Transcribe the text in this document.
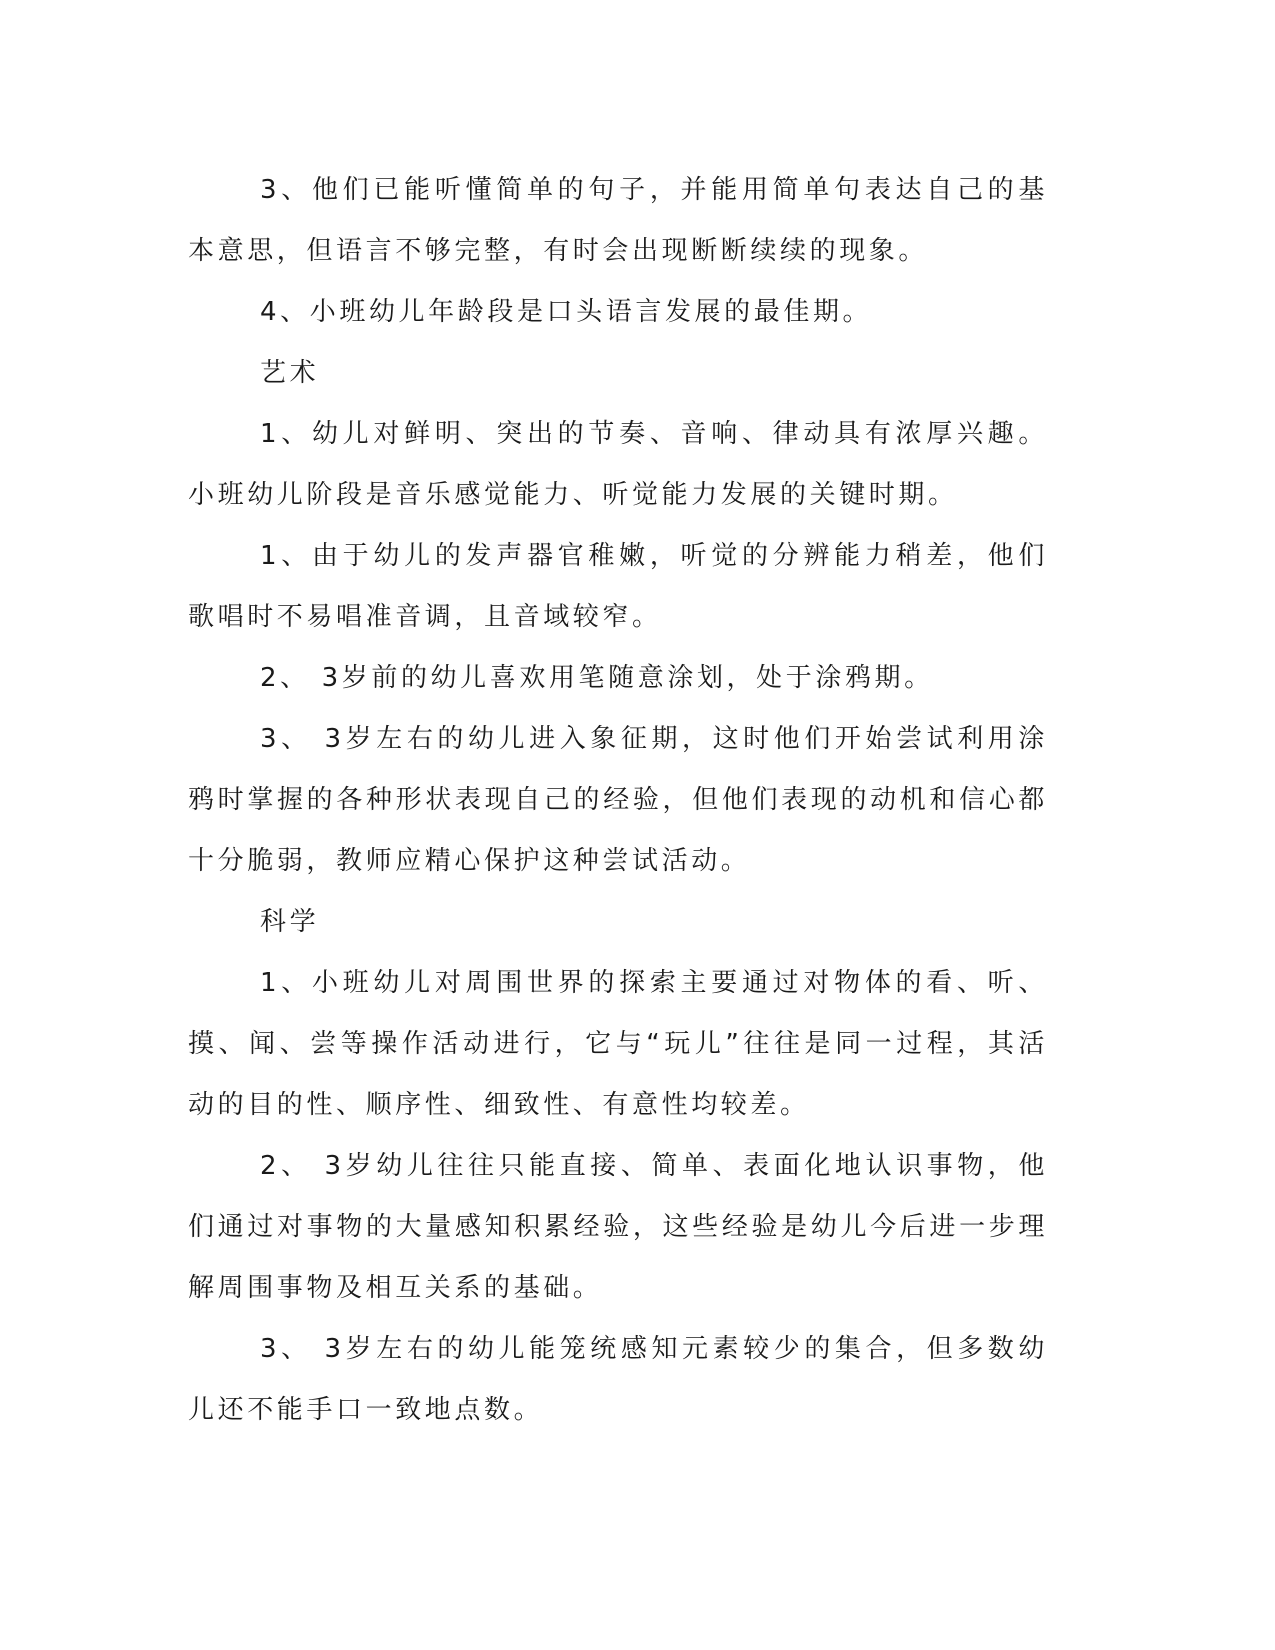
3、他们已能听懂简单的句子，并能用简单句表达自己的基本意思，但语言不够完整，有时会出现断断续续的现象。

4、小班幼儿年龄段是口头语言发展的最佳期。

艺术

1、幼儿对鲜明、突出的节奏、音响、律动具有浓厚兴趣。小班幼儿阶段是音乐感觉能力、听觉能力发展的关键时期。

1、由于幼儿的发声器官稚嫩，听觉的分辨能力稍差，他们歌唱时不易唱准音调，且音域较窄。

2、 3岁前的幼儿喜欢用笔随意涂划，处于涂鸦期。

3、 3岁左右的幼儿进入象征期，这时他们开始尝试利用涂鸦时掌握的各种形状表现自己的经验，但他们表现的动机和信心都十分脆弱，教师应精心保护这种尝试活动。

科学

1、小班幼儿对周围世界的探索主要通过对物体的看、听、摸、闻、尝等操作活动进行，它与“玩儿”往往是同一过程，其活动的目的性、顺序性、细致性、有意性均较差。

2、 3岁幼儿往往只能直接、简单、表面化地认识事物，他们通过对事物的大量感知积累经验，这些经验是幼儿今后进一步理解周围事物及相互关系的基础。

3、 3岁左右的幼儿能笼统感知元素较少的集合，但多数幼儿还不能手口一致地点数。
